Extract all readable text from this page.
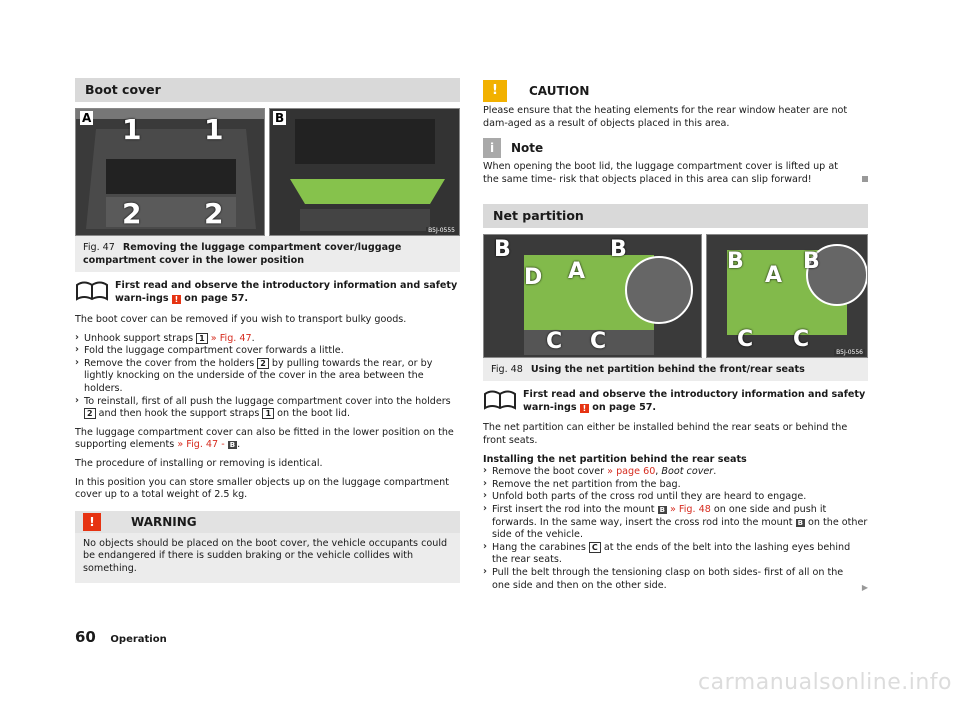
Boot cover
A 1 1
2 2
B
B5J-0555
Fig. 47 Removing the luggage compartment cover/luggage compartment cover in the lower position
First read and observe the introductory information and safety warn-ings ! on page 57.

The boot cover can be removed if you wish to transport bulky goods.

› Unhook support straps 1 » Fig. 47.
› Fold the luggage compartment cover forwards a little.
› Remove the cover from the holders 2 by pulling towards the rear, or by lightly knocking on the underside of the cover in the area between the holders.
› To reinstall, first of all push the luggage compartment cover into the holders 2 and then hook the support straps 1 on the boot lid.

The luggage compartment cover can also be fitted in the lower position on the supporting elements » Fig. 47 - B .

The procedure of installing or removing is identical.

In this position you can store smaller objects up on the luggage compartment cover up to a total weight of 2.5 kg.

!	WARNING
No objects should be placed on the boot cover, the vehicle occupants could be endangered if there is sudden braking or the vehicle collides with something.
!	CAUTION

Please ensure that the heating elements for the rear window heater are not dam-aged as a result of objects placed in this area.

i	Note

When opening the boot lid, the luggage compartment cover is lifted up at the same time- risk that objects placed in this area can slip forward!

Net partition
B	B
D A
C C
B
A
B
C C
B5J-0556
Fig. 48 Using the net partition behind the front/rear seats
First read and observe the introductory information and safety warn-ings ! on page 57.

The net partition can either be installed behind the rear seats or behind the front seats.

Installing the net partition behind the rear seats
› Remove the boot cover » page 60, Boot cover.
› Remove the net partition from the bag.
› Unfold both parts of the cross rod until they are heard to engage.
› First insert the rod into the mount B » Fig. 48 on one side and push it forwards. In the same way, insert the cross rod into the mount B on the other side of the vehicle.
› Hang the carabines C at the ends of the belt into the lashing eyes behind the rear seats.
› Pull the belt through the tensioning clasp on both sides- first of all on the one side and then on the other side.	▶
60 Operation
carmanualsonline.info
